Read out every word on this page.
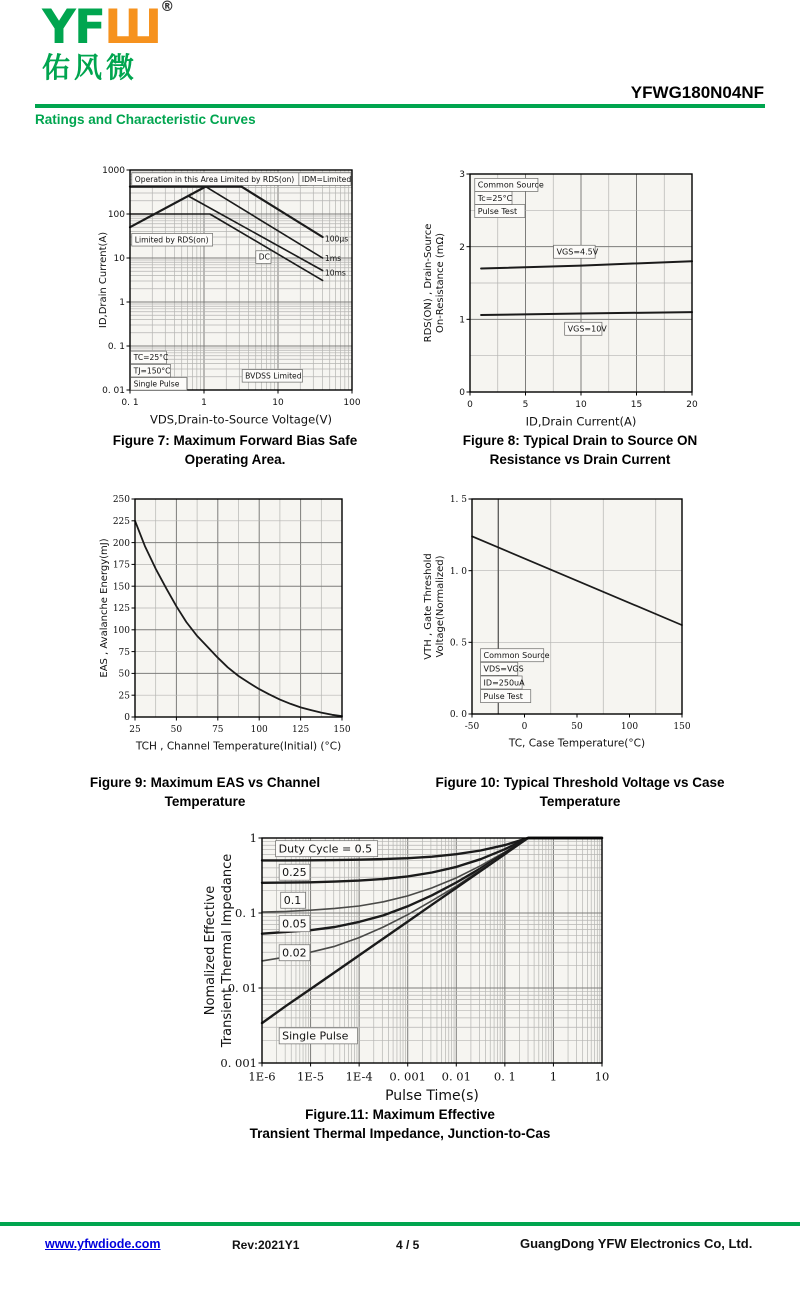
YFШ®
佑风微
YFWG180N04NF
Ratings and Characteristic Curves
0. 1	1	10	100
0. 01
0. 1
1
10
100
1000
VDS,Drain-to-Source Voltage(V)
ID,Drain Current(A)
Operation in this Area Limited by RDS(on) IDM=Limited
Limited by RDS(on)
DC
100μs
1ms
10ms
TC=25°C
TJ=150°C
Single Pulse
BVDSS Limited
0	5	10	15	20
0
1
2
3
ID,Drain Current(A)
RDS(ON) , Drain-Source On-Resistance (mΩ)
Common Source
Tc=25°C
Pulse Test
VGS=4.5V
VGS=10V
Figure 7: Maximum Forward Bias Safe
Operating Area.
Figure 8: Typical Drain to Source ON
Resistance vs Drain Current
25	50	75	100	125	150
0
25
50
75
100
125
150
175
200
225
250
TCH , Channel Temperature(Initial) (°C)
EAS , Avalanche Energy(mJ)
-50	0	50	100	150
0. 0
0. 5
1. 0
1. 5
TC, Case Temperature(°C)
VTH , Gate Threshold Voltage(Normalized)	Common Source
VDS=VGS
ID=250uA
Pulse Test
Figure 9: Maximum EAS vs Channel
Temperature
Figure 10: Typical Threshold Voltage vs Case
Temperature
1E-6 1E-5 1E-4 0. 001 0. 01 0. 1	1	10
1
0. 1
0. 01
0. 001
Pulse Time(s)
Nomalized Effective Transient Thermal Impedance
Duty Cycle = 0.5
0.25
0.1
0.05
0.02
Single Pulse
Figure.11: Maximum Effective
Transient Thermal Impedance, Junction-to-Cas
www.yfwdiode.com	Rev:2021Y1	4 / 5	GuangDong YFW Electronics Co, Ltd.
